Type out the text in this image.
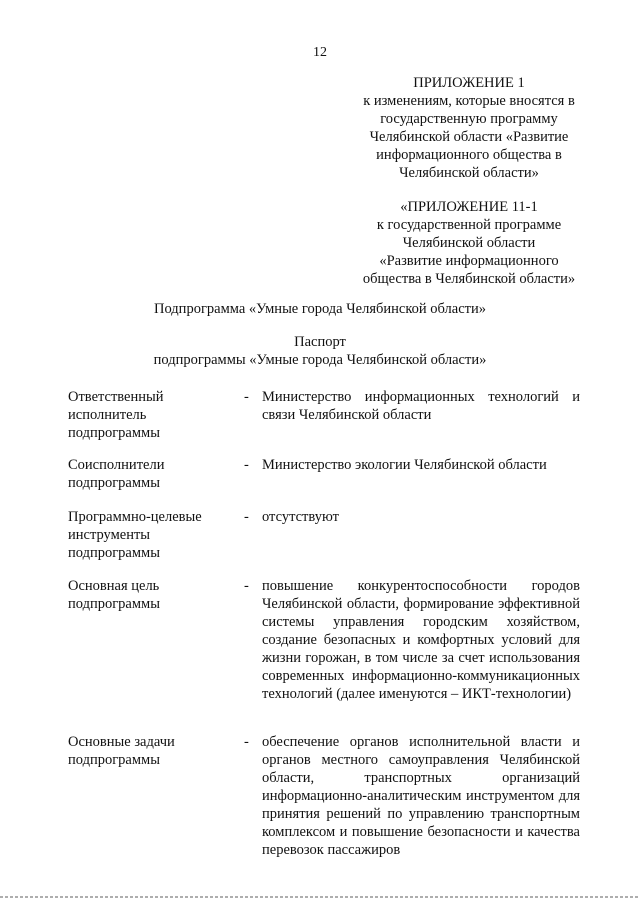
12
ПРИЛОЖЕНИЕ 1
к изменениям, которые вносятся в
государственную программу
Челябинской области «Развитие
информационного общества в
Челябинской области»
«ПРИЛОЖЕНИЕ 11-1
к государственной программе
Челябинской области
«Развитие информационного
общества в Челябинской области»
Подпрограмма «Умные города Челябинской области»
Паспорт
подпрограммы «Умные города Челябинской области»
Ответственный
исполнитель
подпрограммы
- Министерство информационных технологий и связи Челябинской области
Соисполнители
подпрограммы
- Министерство экологии Челябинской области
Программно-целевые
инструменты
подпрограммы
- отсутствуют
Основная цель
подпрограммы
- повышение конкурентоспособности городов Челябинской области, формирование эффективной системы управления городским хозяйством, создание безопасных и комфортных условий для жизни горожан, в том числе за счет использования современных информационно-коммуникационных технологий (далее именуются – ИКТ-технологии)
Основные задачи
подпрограммы
- обеспечение органов исполнительной власти и органов местного самоуправления Челябинской области, транспортных организаций информационно-аналитическим инструментом для принятия решений по управлению транспортным комплексом и повышение безопасности и качества перевозок пассажиров
